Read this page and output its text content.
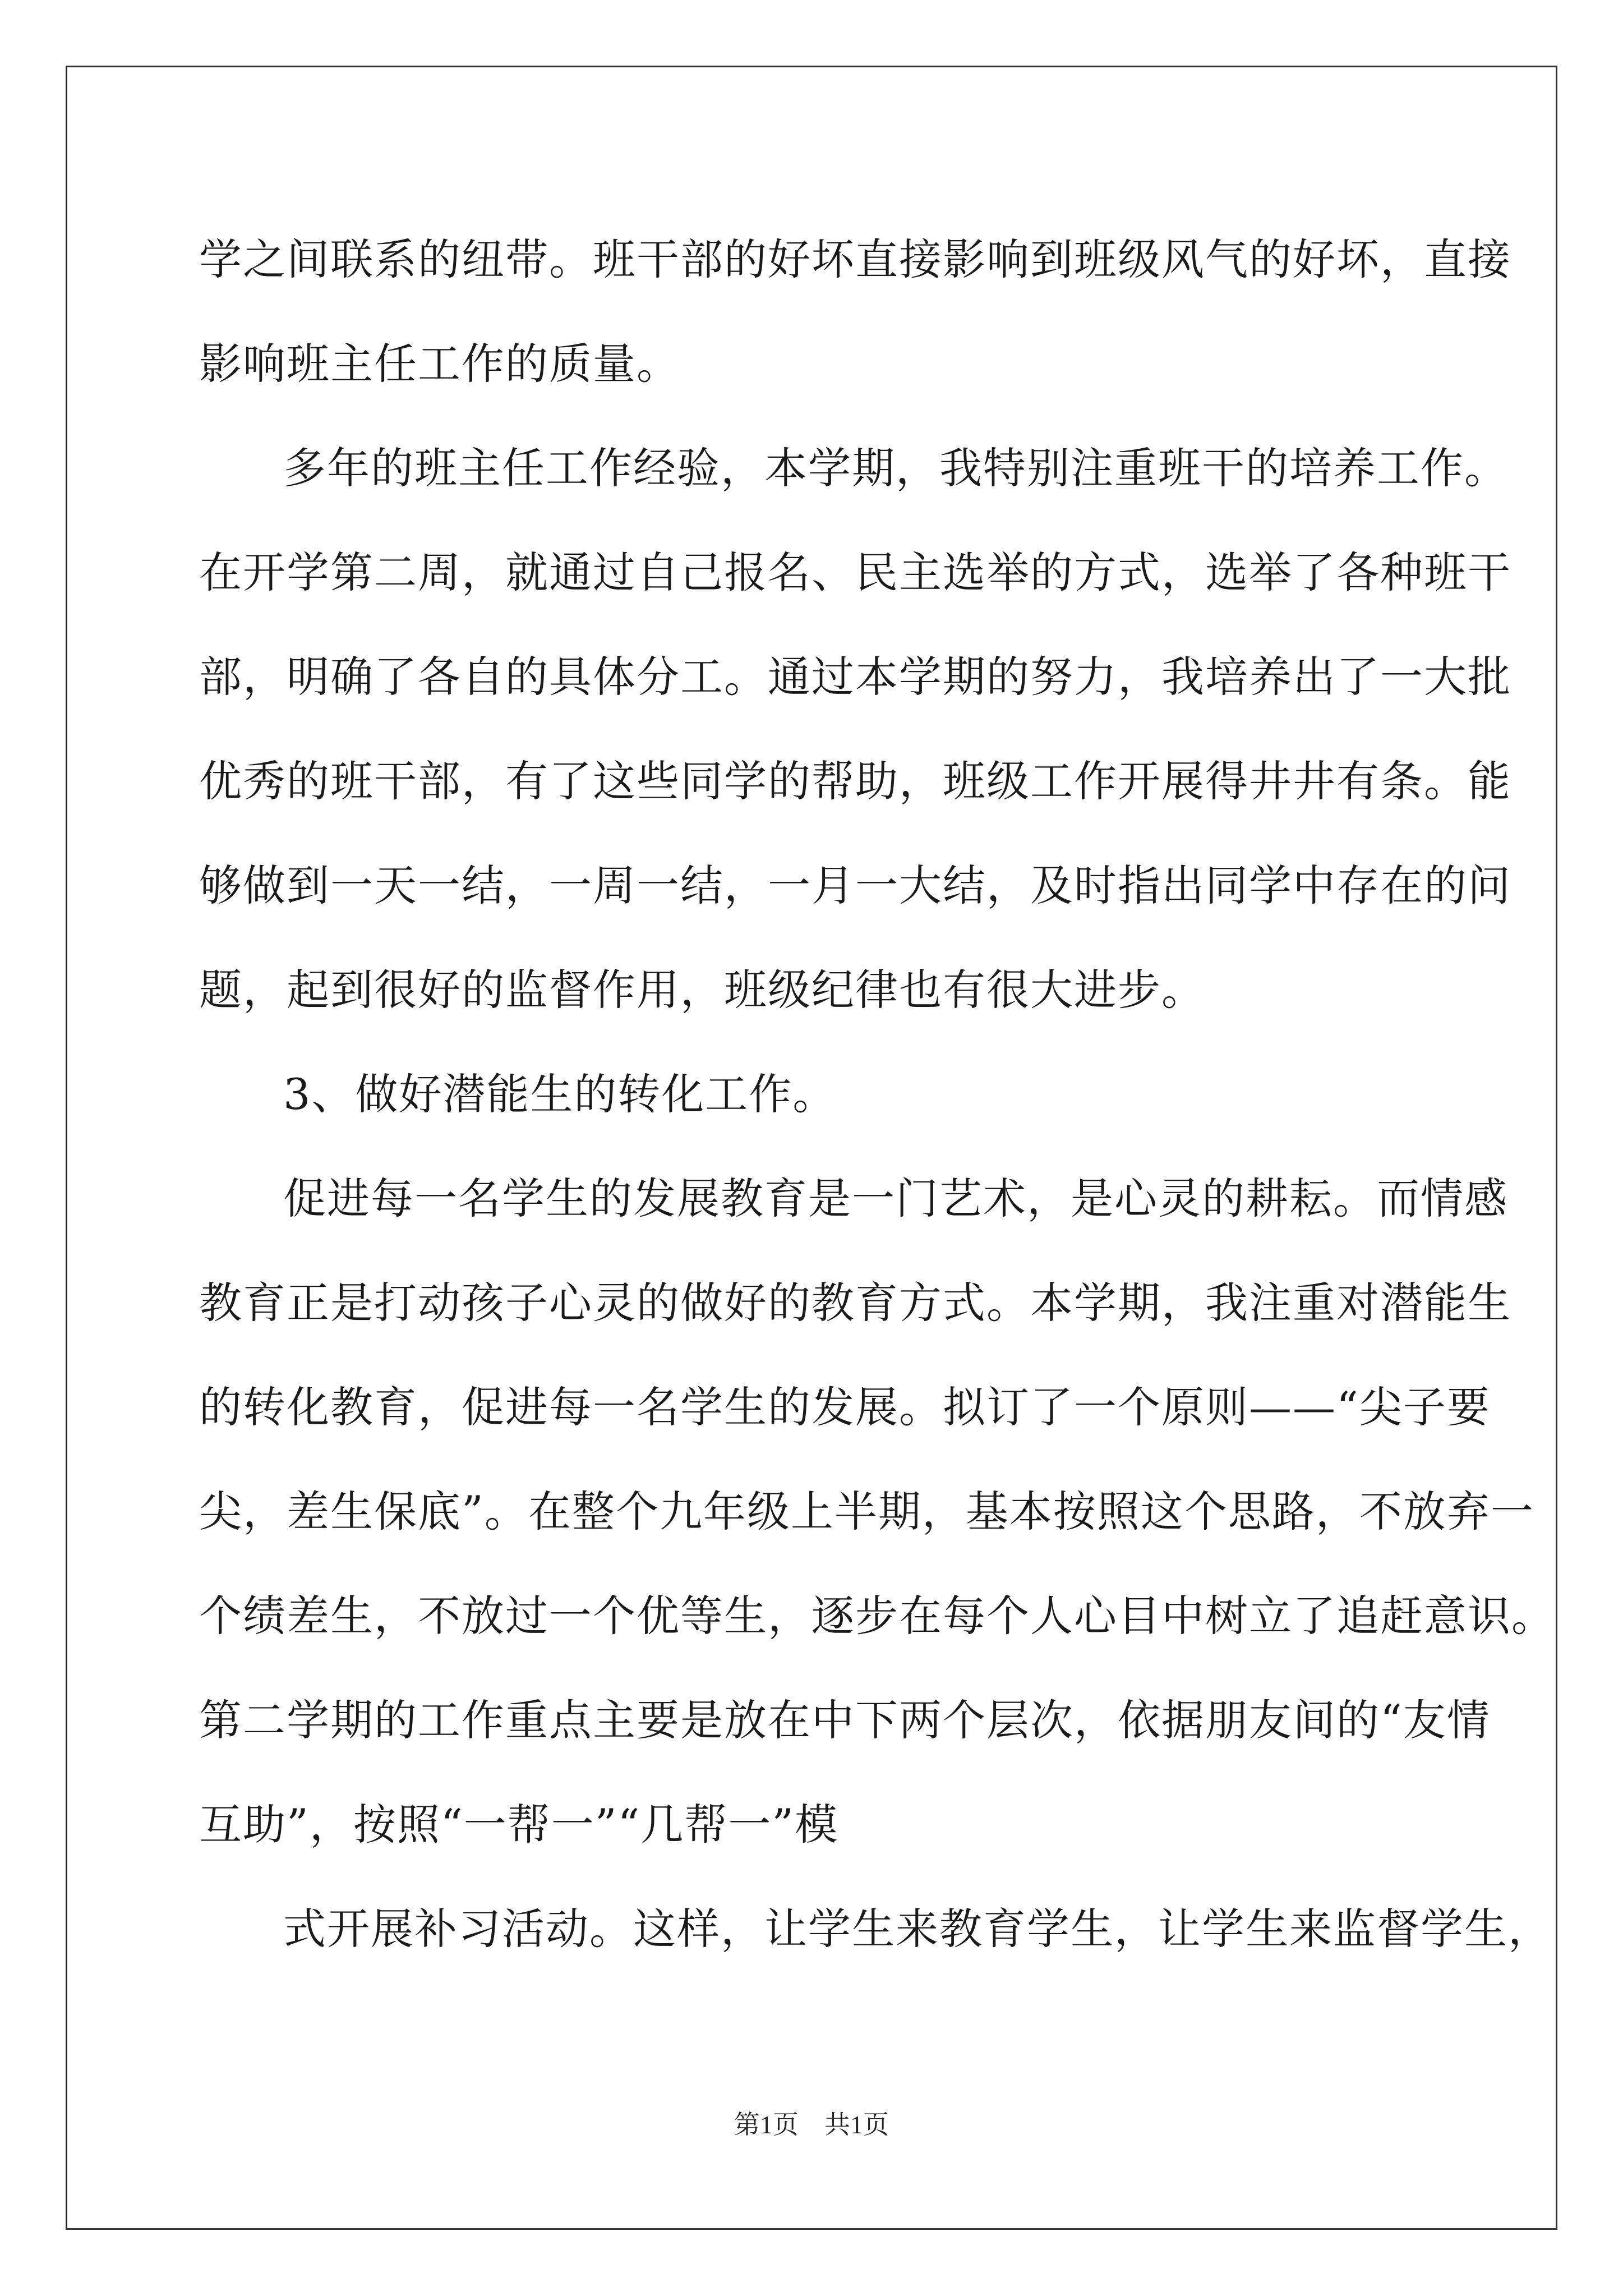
学之间联系的纽带。班干部的好坏直接影响到班级风气的好坏，直接

影响班主任工作的质量。

多年的班主任工作经验，本学期，我特别注重班干的培养工作。

在开学第二周，就通过自己报名、民主选举的方式，选举了各种班干

部，明确了各自的具体分工。通过本学期的努力，我培养出了一大批

优秀的班干部，有了这些同学的帮助，班级工作开展得井井有条。能

够做到一天一结，一周一结，一月一大结，及时指出同学中存在的问

题，起到很好的监督作用，班级纪律也有很大进步。

3、做好潜能生的转化工作。

促进每一名学生的发展教育是一门艺术，是心灵的耕耘。而情感

教育正是打动孩子心灵的做好的教育方式。本学期，我注重对潜能生

的转化教育，促进每一名学生的发展。拟订了一个原则——“尖子要

尖，差生保底”。在整个九年级上半期，基本按照这个思路，不放弃一

个绩差生，不放过一个优等生，逐步在每个人心目中树立了追赶意识。

第二学期的工作重点主要是放在中下两个层次，依据朋友间的“友情

互助”，按照“一帮一”“几帮一”模

式开展补习活动。这样，让学生来教育学生，让学生来监督学生，

第1页　共1页
